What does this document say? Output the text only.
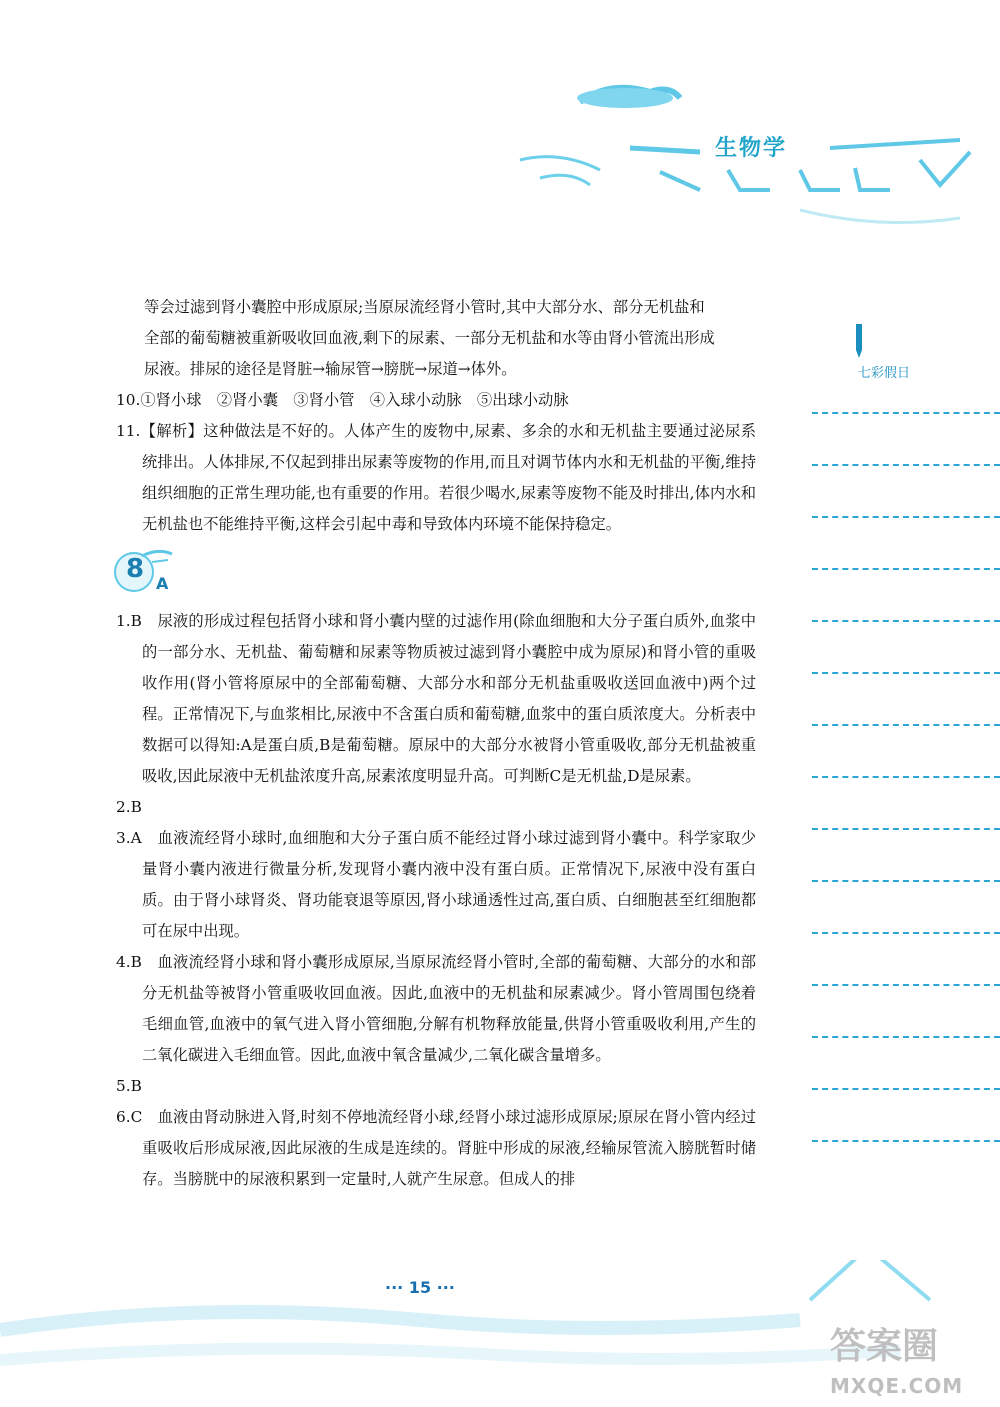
生物学
七彩假日

等会过滤到肾小囊腔中形成原尿;当原尿流经肾小管时,其中大部分水、部分无机盐和

全部的葡萄糖被重新吸收回血液,剩下的尿素、一部分无机盐和水等由肾小管流出形成

尿液。排尿的途径是肾脏→输尿管→膀胱→尿道→体外。

10.①肾小球　②肾小囊　③肾小管　④入球小动脉　⑤出球小动脉

11.【解析】这种做法是不好的。人体产生的废物中,尿素、多余的水和无机盐主要通过泌尿系统排出。人体排尿,不仅起到排出尿素等废物的作用,而且对调节体内水和无机盐的平衡,维持组织细胞的正常生理功能,也有重要的作用。若很少喝水,尿素等废物不能及时排出,体内水和无机盐也不能维持平衡,这样会引起中毒和导致体内环境不能保持稳定。

8 A

1.B　尿液的形成过程包括肾小球和肾小囊内壁的过滤作用(除血细胞和大分子蛋白质外,血浆中的一部分水、无机盐、葡萄糖和尿素等物质被过滤到肾小囊腔中成为原尿)和肾小管的重吸收作用(肾小管将原尿中的全部葡萄糖、大部分水和部分无机盐重吸收送回血液中)两个过程。正常情况下,与血浆相比,尿液中不含蛋白质和葡萄糖,血浆中的蛋白质浓度大。分析表中数据可以得知:A是蛋白质,B是葡萄糖。原尿中的大部分水被肾小管重吸收,部分无机盐被重吸收,因此尿液中无机盐浓度升高,尿素浓度明显升高。可判断C是无机盐,D是尿素。

2.B

3.A　血液流经肾小球时,血细胞和大分子蛋白质不能经过肾小球过滤到肾小囊中。科学家取少量肾小囊内液进行微量分析,发现肾小囊内液中没有蛋白质。正常情况下,尿液中没有蛋白质。由于肾小球肾炎、肾功能衰退等原因,肾小球通透性过高,蛋白质、白细胞甚至红细胞都可在尿中出现。

4.B　血液流经肾小球和肾小囊形成原尿,当原尿流经肾小管时,全部的葡萄糖、大部分的水和部分无机盐等被肾小管重吸收回血液。因此,血液中的无机盐和尿素减少。肾小管周围包绕着毛细血管,血液中的氧气进入肾小管细胞,分解有机物释放能量,供肾小管重吸收利用,产生的二氧化碳进入毛细血管。因此,血液中氧含量减少,二氧化碳含量增多。

5.B

6.C　血液由肾动脉进入肾,时刻不停地流经肾小球,经肾小球过滤形成原尿;原尿在肾小管内经过重吸收后形成尿液,因此尿液的生成是连续的。肾脏中形成的尿液,经输尿管流入膀胱暂时储存。当膀胱中的尿液积累到一定量时,人就产生尿意。但成人的排

··· 15 ···
答案圈
MXQE.COM
